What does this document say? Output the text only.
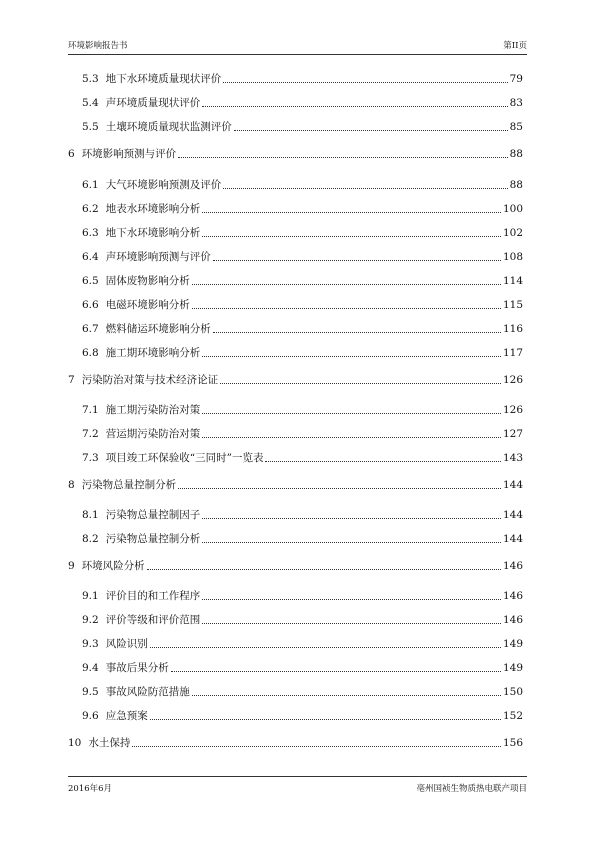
环境影响报告书	第II页
5.3 地下水环境质量现状评价	79
5.4 声环境质量现状评价	83
5.5 土壤环境质量现状监测评价	85
6 环境影响预测与评价	88
6.1 大气环境影响预测及评价	88
6.2 地表水环境影响分析	100
6.3 地下水环境影响分析	102
6.4 声环境影响预测与评价	108
6.5 固体废物影响分析	114
6.6 电磁环境影响分析	115
6.7 燃料储运环境影响分析	116
6.8 施工期环境影响分析	117
7 污染防治对策与技术经济论证	126
7.1 施工期污染防治对策	126
7.2 营运期污染防治对策	127
7.3 项目竣工环保验收“三同时”一览表	143
8 污染物总量控制分析	144
8.1 污染物总量控制因子	144
8.2 污染物总量控制分析	144
9 环境风险分析	146
9.1 评价目的和工作程序	146
9.2 评价等级和评价范围	146
9.3 风险识别	149
9.4 事故后果分析	149
9.5 事故风险防范措施	150
9.6 应急预案	152
10 水土保持	156
2016年6月	亳州国祯生物质热电联产项目
